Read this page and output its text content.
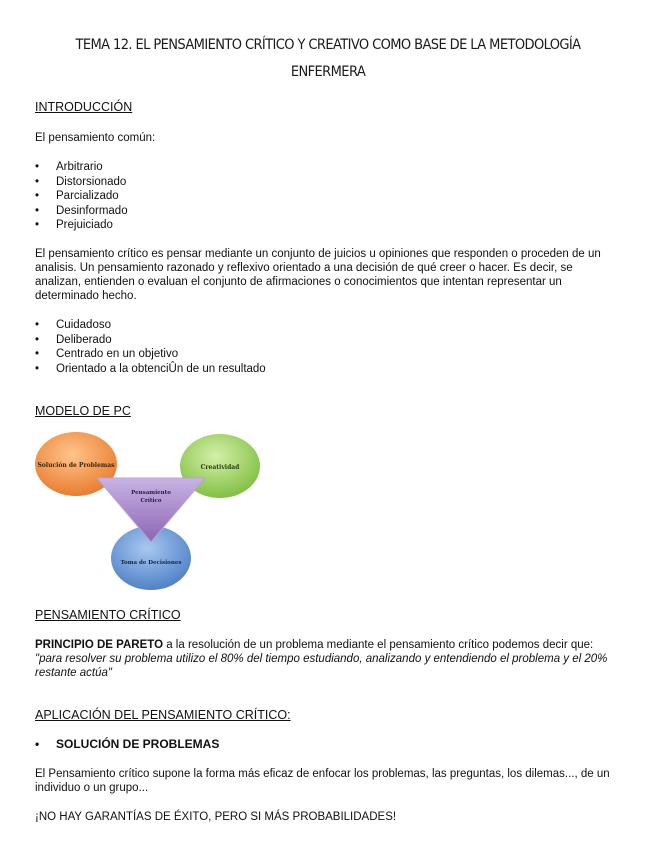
TEMA 12. EL PENSAMIENTO CRÍTICO Y CREATIVO COMO BASE DE LA METODOLOGÍA
ENFERMERA
INTRODUCCIÓN
El pensamiento común:
• Arbitrario
• Distorsionado
• Parcializado
• Desinformado
• Prejuiciado
El pensamiento crítico es pensar mediante un conjunto de juicios u opiniones que responden o proceden de un analisis. Un pensamiento razonado y reflexivo orientado a una decisión de qué creer o hacer. Es decir, se analizan, entienden o evaluan el conjunto de afirmaciones o conocimientos que intentan representar un determinado hecho.
• Cuidadoso
• Deliberado
• Centrado en un objetivo
• Orientado a la obtenciÛn de un resultado
MODELO DE PC
Solución de Problemas	Creatividad
Pensamiento
Crítico
Toma de Decisiones
PENSAMIENTO CRÍTICO
PRINCIPIO DE PARETO a la resolución de un problema mediante el pensamiento crítico podemos decir que: "para resolver su problema utilizo el 80% del tiempo estudiando, analizando y entendiendo el problema y el 20% restante actúa"
APLICACIÓN DEL PENSAMIENTO CRÍTICO:
• SOLUCIÓN DE PROBLEMAS
El Pensamiento crítico supone la forma más eficaz de enfocar los problemas, las preguntas, los dilemas..., de un individuo o un grupo...
¡NO HAY GARANTÍAS DE ÉXITO, PERO SI MÁS PROBABILIDADES!
